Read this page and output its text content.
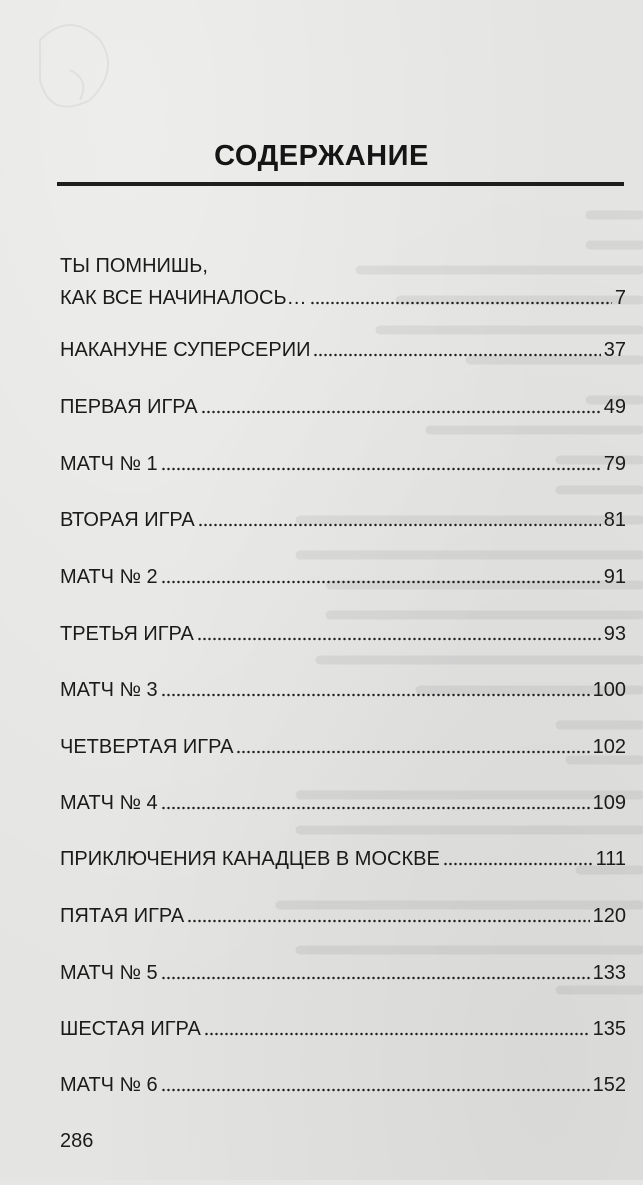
СОДЕРЖАНИЕ
ТЫ ПОМНИШЬ,
КАК ВСЕ НАЧИНАЛОСЬ…	7
НАКАНУНЕ СУПЕРСЕРИИ	37
ПЕРВАЯ ИГРА	49
МАТЧ № 1	79
ВТОРАЯ ИГРА	81
МАТЧ № 2	91
ТРЕТЬЯ ИГРА	93
МАТЧ № 3	100
ЧЕТВЕРТАЯ ИГРА	102
МАТЧ № 4	109
ПРИКЛЮЧЕНИЯ КАНАДЦЕВ В МОСКВЕ	111
ПЯТАЯ ИГРА	120
МАТЧ № 5	133
ШЕСТАЯ ИГРА	135
МАТЧ № 6	152
286
